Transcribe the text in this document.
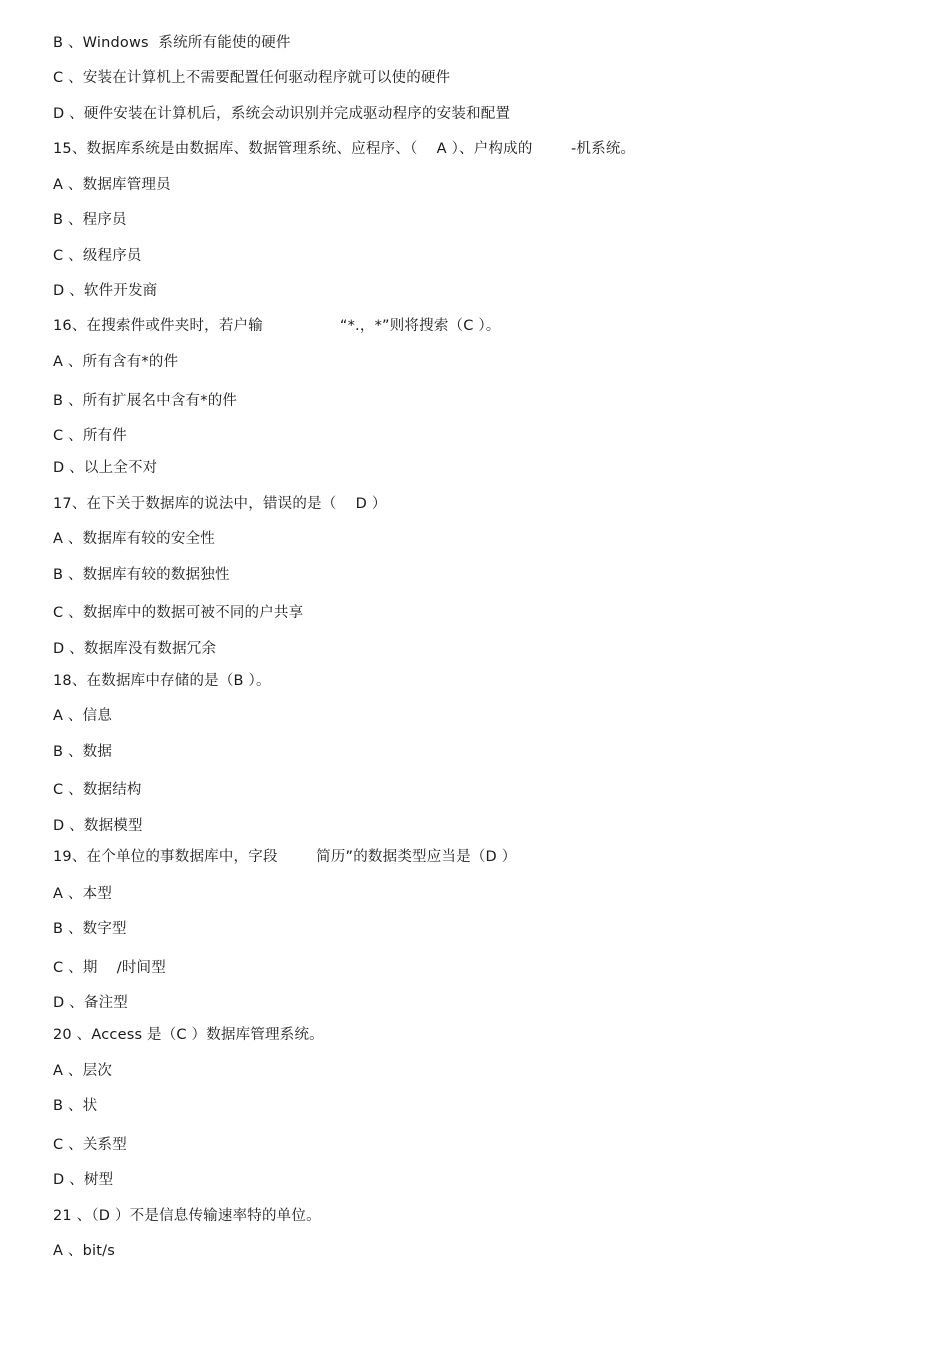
B 、Windows  系统所有能使的硬件
C 、安装在计算机上不需要配置任何驱动程序就可以使的硬件
D 、硬件安装在计算机后，系统会动识别并完成驱动程序的安装和配置
15、数据库系统是由数据库、数据管理系统、应程序、（    A ）、户构成的        -机系统。
A 、数据库管理员
B 、程序员
C 、级程序员
D 、软件开发商
16、在搜索件或件夹时，若户输                “*.，*”则将搜索（C ）。
A 、所有含有*的件
B 、所有扩展名中含有*的件
C 、所有件
D 、以上全不对
17、在下关于数据库的说法中，错误的是（    D ）
A 、数据库有较的安全性
B 、数据库有较的数据独性
C 、数据库中的数据可被不同的户共享
D 、数据库没有数据冗余
18、在数据库中存储的是（B ）。
A 、信息
B 、数据
C 、数据结构
D 、数据模型
19、在个单位的事数据库中，字段        简历”的数据类型应当是（D ）
A 、本型
B 、数字型
C 、期    /时间型
D 、备注型
20 、Access 是（C ）数据库管理系统。
A 、层次
B 、状
C 、关系型
D 、树型
21 、（D ）不是信息传输速率特的单位。
A 、bit/s
